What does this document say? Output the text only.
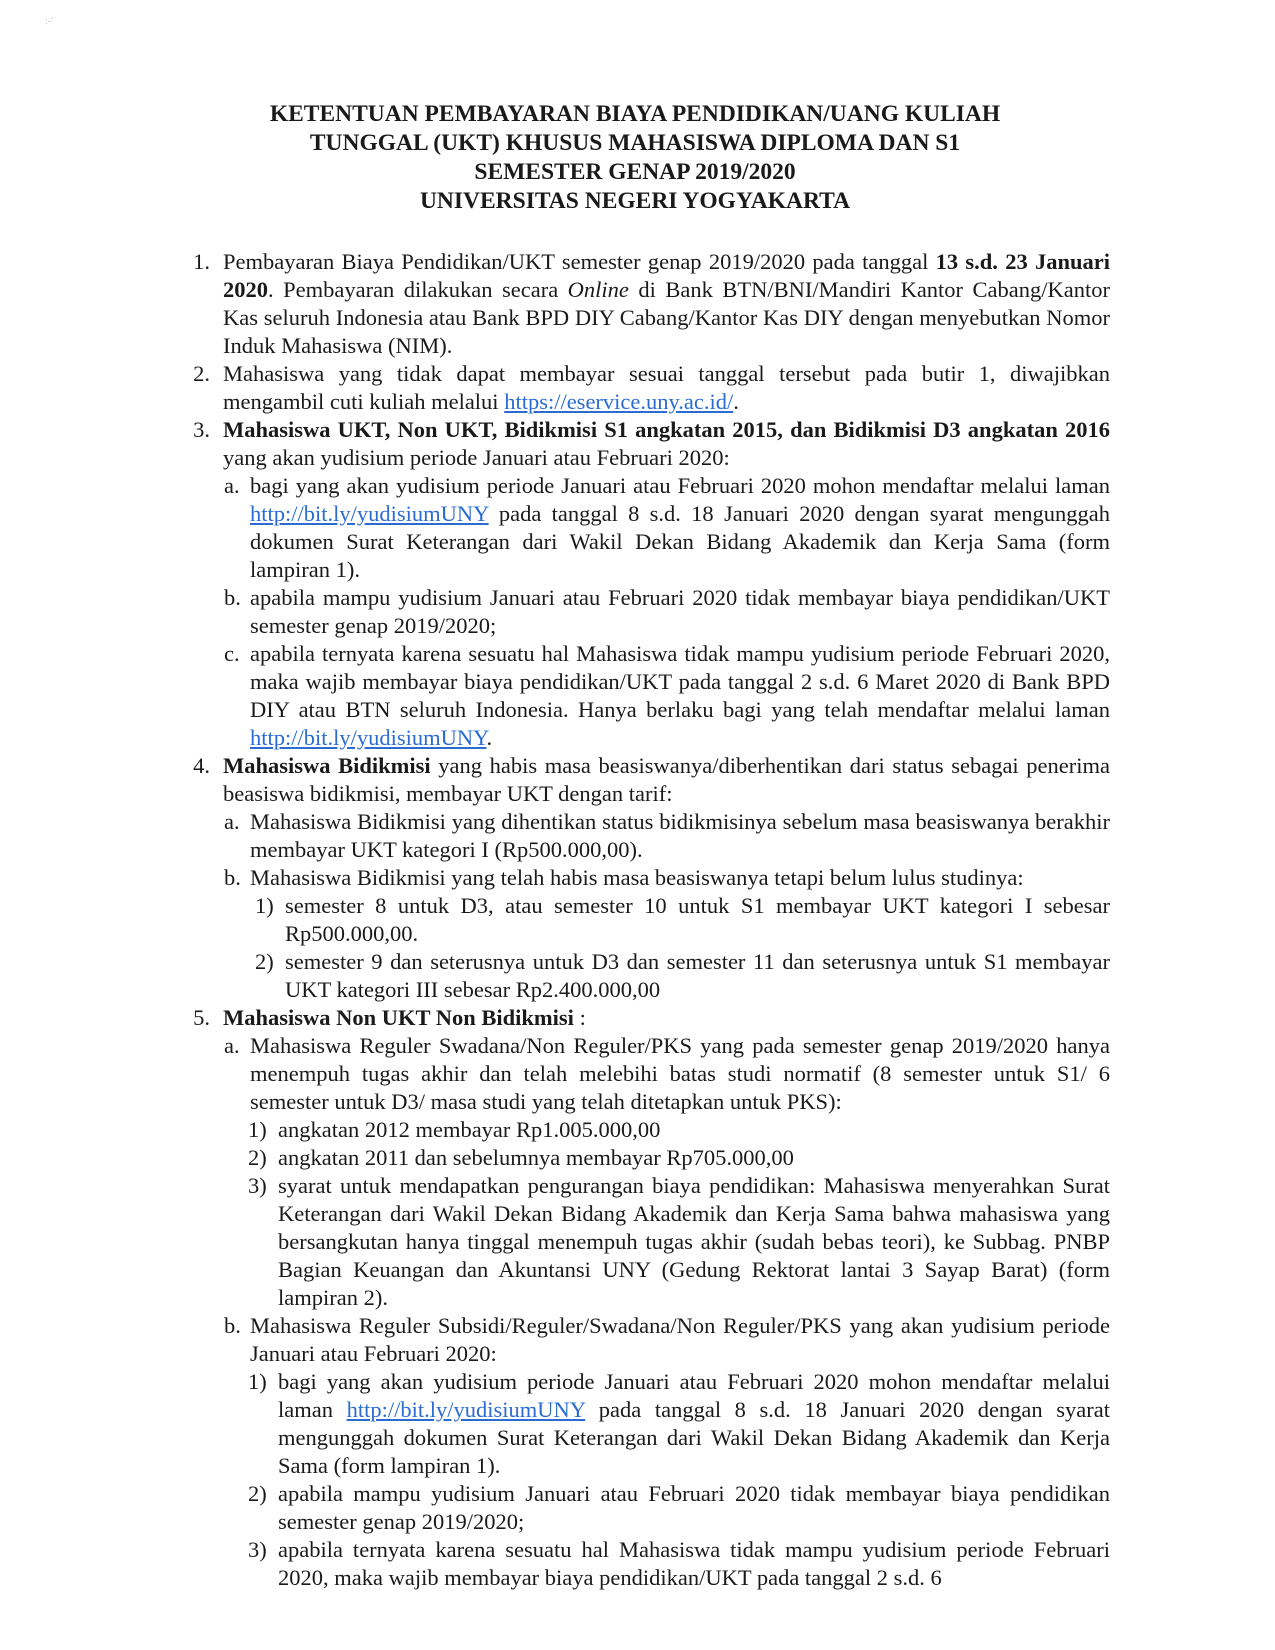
:-'
KETENTUAN PEMBAYARAN BIAYA PENDIDIKAN/UANG KULIAH
TUNGGAL (UKT) KHUSUS MAHASISWA DIPLOMA DAN S1
SEMESTER GENAP 2019/2020
UNIVERSITAS NEGERI YOGYAKARTA
1. Pembayaran Biaya Pendidikan/UKT semester genap 2019/2020 pada tanggal 13 s.d. 23 Januari 2020. Pembayaran dilakukan secara Online di Bank BTN/BNI/Mandiri Kantor Cabang/Kantor Kas seluruh Indonesia atau Bank BPD DIY Cabang/Kantor Kas DIY dengan menyebutkan Nomor Induk Mahasiswa (NIM).
2. Mahasiswa yang tidak dapat membayar sesuai tanggal tersebut pada butir 1, diwajibkan mengambil cuti kuliah melalui https://eservice.uny.ac.id/.
3. Mahasiswa UKT, Non UKT, Bidikmisi S1 angkatan 2015, dan Bidikmisi D3 angkatan 2016 yang akan yudisium periode Januari atau Februari 2020:
a. bagi yang akan yudisium periode Januari atau Februari 2020 mohon mendaftar melalui laman http://bit.ly/yudisiumUNY pada tanggal 8 s.d. 18 Januari 2020 dengan syarat mengunggah dokumen Surat Keterangan dari Wakil Dekan Bidang Akademik dan Kerja Sama (form lampiran 1).
b. apabila mampu yudisium Januari atau Februari 2020 tidak membayar biaya pendidikan/UKT semester genap 2019/2020;
c. apabila ternyata karena sesuatu hal Mahasiswa tidak mampu yudisium periode Februari 2020, maka wajib membayar biaya pendidikan/UKT pada tanggal 2 s.d. 6 Maret 2020 di Bank BPD DIY atau BTN seluruh Indonesia. Hanya berlaku bagi yang telah mendaftar melalui laman http://bit.ly/yudisiumUNY.
4. Mahasiswa Bidikmisi yang habis masa beasiswanya/diberhentikan dari status sebagai penerima beasiswa bidikmisi, membayar UKT dengan tarif:
a. Mahasiswa Bidikmisi yang dihentikan status bidikmisinya sebelum masa beasiswanya berakhir membayar UKT kategori I (Rp500.000,00).
b. Mahasiswa Bidikmisi yang telah habis masa beasiswanya tetapi belum lulus studinya:
1) semester 8 untuk D3, atau semester 10 untuk S1 membayar UKT kategori I sebesar Rp500.000,00.
2) semester 9 dan seterusnya untuk D3 dan semester 11 dan seterusnya untuk S1 membayar UKT kategori III sebesar Rp2.400.000,00
5. Mahasiswa Non UKT Non Bidikmisi :
a. Mahasiswa Reguler Swadana/Non Reguler/PKS yang pada semester genap 2019/2020 hanya menempuh tugas akhir dan telah melebihi batas studi normatif (8 semester untuk S1/ 6 semester untuk D3/ masa studi yang telah ditetapkan untuk PKS):
1) angkatan 2012 membayar Rp1.005.000,00
2) angkatan 2011 dan sebelumnya membayar Rp705.000,00
3) syarat untuk mendapatkan pengurangan biaya pendidikan: Mahasiswa menyerahkan Surat Keterangan dari Wakil Dekan Bidang Akademik dan Kerja Sama bahwa mahasiswa yang bersangkutan hanya tinggal menempuh tugas akhir (sudah bebas teori), ke Subbag. PNBP Bagian Keuangan dan Akuntansi UNY (Gedung Rektorat lantai 3 Sayap Barat) (form lampiran 2).
b. Mahasiswa Reguler Subsidi/Reguler/Swadana/Non Reguler/PKS yang akan yudisium periode Januari atau Februari 2020:
1) bagi yang akan yudisium periode Januari atau Februari 2020 mohon mendaftar melalui laman http://bit.ly/yudisiumUNY pada tanggal 8 s.d. 18 Januari 2020 dengan syarat mengunggah dokumen Surat Keterangan dari Wakil Dekan Bidang Akademik dan Kerja Sama (form lampiran 1).
2) apabila mampu yudisium Januari atau Februari 2020 tidak membayar biaya pendidikan semester genap 2019/2020;
3) apabila ternyata karena sesuatu hal Mahasiswa tidak mampu yudisium periode Februari 2020, maka wajib membayar biaya pendidikan/UKT pada tanggal 2 s.d. 6
